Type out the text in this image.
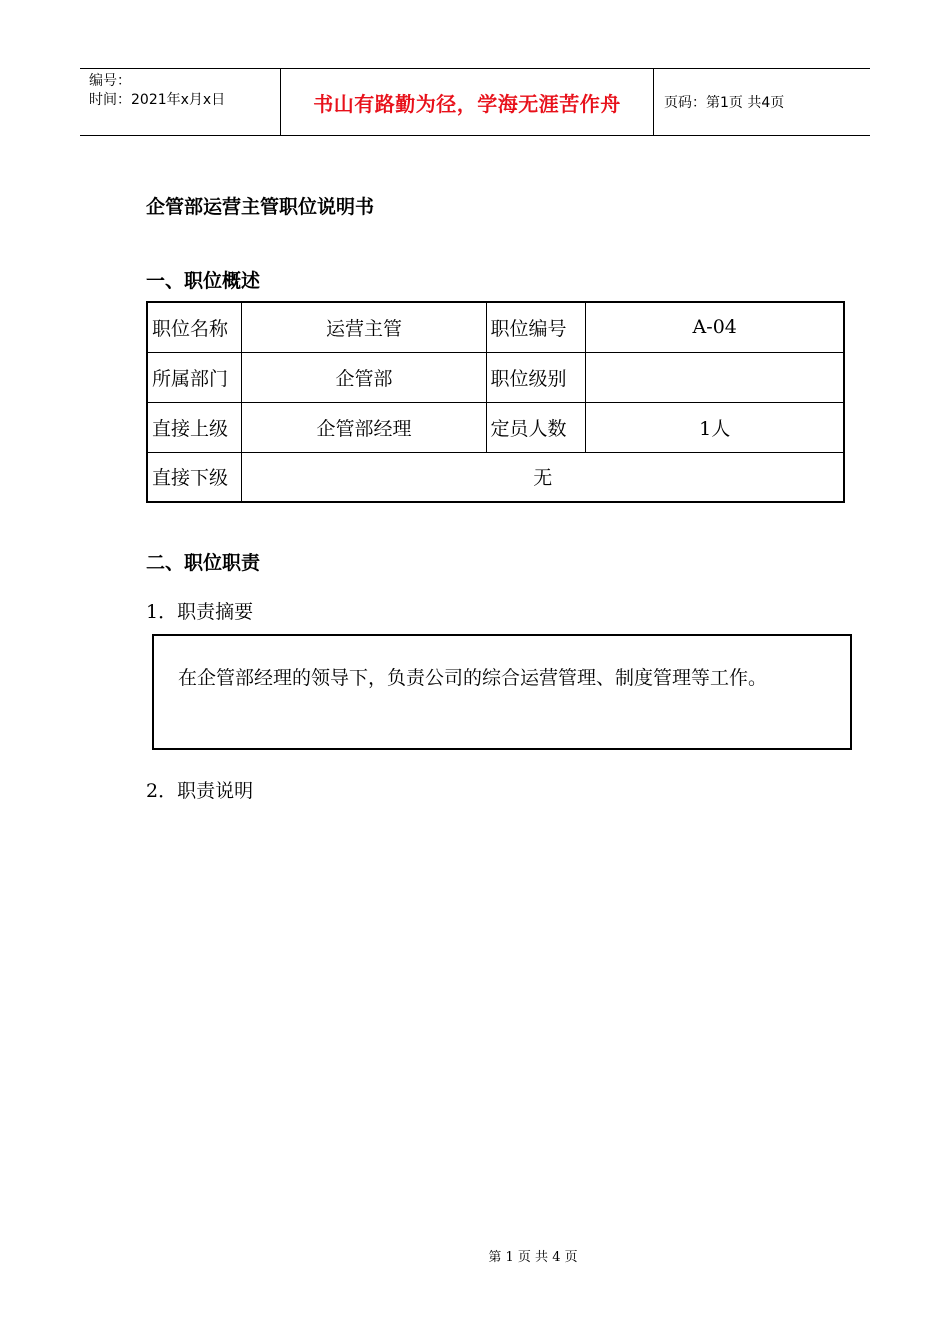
编号：
时间：2021年x月x日	书山有路勤为径，学海无涯苦作舟	页码：第1页 共4页
企管部运营主管职位说明书
一、职位概述
职位名称	运营主管	职位编号	A-04
所属部门	企管部	职位级别	
直接上级	企管部经理	定员人数	1人
直接下级	无		
二、职位职责
1．职责摘要

在企管部经理的领导下，负责公司的综合运营管理、制度管理等工作。

2．职责说明
第 1 页 共 4 页
